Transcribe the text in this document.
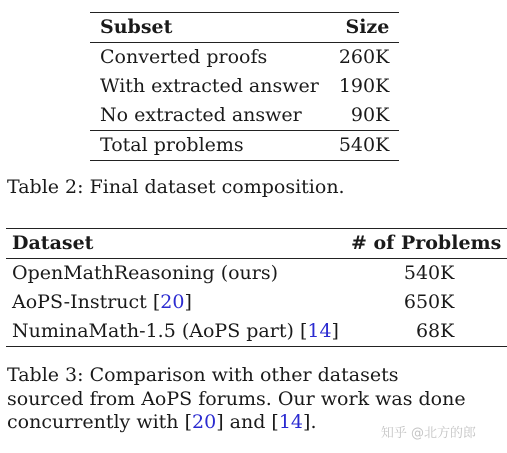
Subset	Size
Converted proofs	260K
With extracted answer	190K
No extracted answer	90K
Total problems	540K
Table 2: Final dataset composition.
Dataset	# of Problems
OpenMathReasoning (ours)	540K
AoPS-Instruct [20]	650K
NuminaMath-1.5 (AoPS part) [14]	68K
Table 3: Comparison with other datasets sourced from AoPS forums. Our work was done concurrently with [20] and [14].
知乎 @北方的郎
